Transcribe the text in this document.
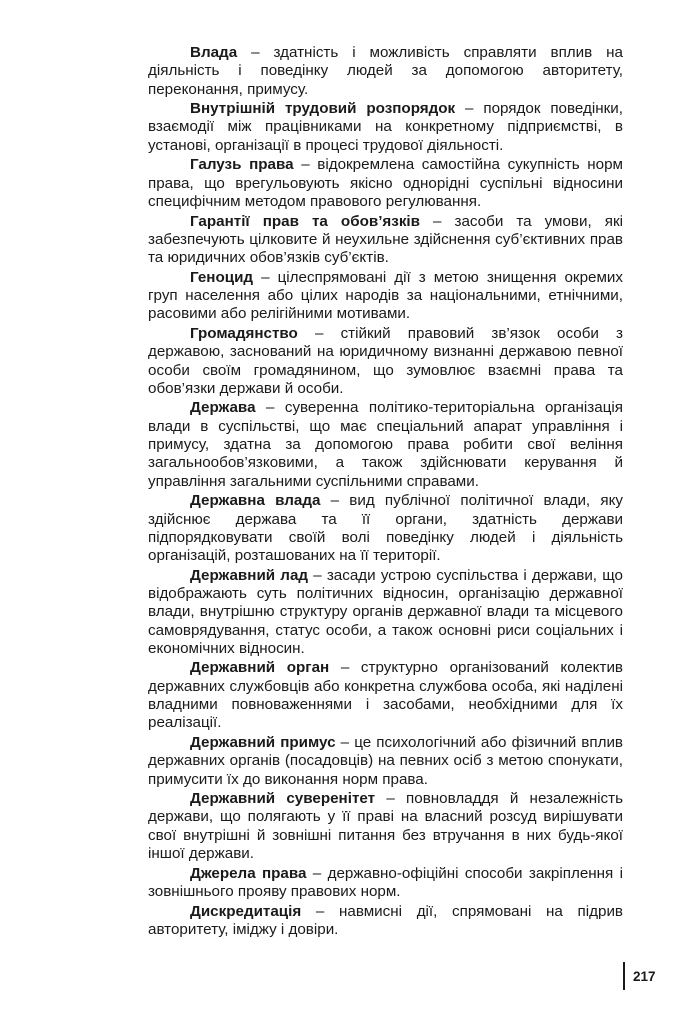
Влада – здатність і можливість справляти вплив на діяльність і поведінку людей за допомогою авторитету, переконання, примусу.

Внутрішній трудовий розпорядок – порядок поведінки, взаємодії між працівниками на конкретному підприємстві, в установі, організації в процесі трудової діяльності.

Галузь права – відокремлена самостійна сукупність норм права, що врегульовують якісно однорідні суспільні відносини специфічним методом правового регулювання.

Гарантії прав та обов’язків – засоби та умови, які забезпечують цілковите й неухильне здійснення суб’єктивних прав та юридичних обов’язків суб’єктів.

Геноцид – цілеспрямовані дії з метою знищення окремих груп населення або цілих народів за національними, етнічними, расовими або релігійними мотивами.

Громадянство – стійкий правовий зв’язок особи з державою, заснований на юридичному визнанні державою певної особи своїм громадянином, що зумовлює взаємні права та обов’язки держави й особи.

Держава – суверенна політико-територіальна організація влади в суспільстві, що має спеціальний апарат управління і примусу, здатна за допомогою права робити свої веління загальнообов’язковими, а також здійснювати керування й управління загальними суспільними справами.

Державна влада – вид публічної політичної влади, яку здійснює держава та її органи, здатність держави підпорядковувати своїй волі поведінку людей і діяльність організацій, розташованих на її території.

Державний лад – засади устрою суспільства і держави, що відображають суть політичних відносин, організацію державної влади, внутрішню структуру органів державної влади та місцевого самоврядування, статус особи, а також основні риси соціальних і економічних відносин.

Державний орган – структурно організований колектив державних службовців або конкретна службова особа, які наділені владними повноваженнями і засобами, необхідними для їх реалізації.

Державний примус – це психологічний або фізичний вплив державних органів (посадовців) на певних осіб з метою спонукати, примусити їх до виконання норм права.

Державний суверенітет – повновладдя й незалежність держави, що полягають у її праві на власний розсуд вирішувати свої внутрішні й зовнішні питання без втручання в них будь-якої іншої держави.

Джерела права – державно-офіційні способи закріплення і зовнішнього прояву правових норм.

Дискредитація – навмисні дії, спрямовані на підрив авторитету, іміджу і довіри.

217
